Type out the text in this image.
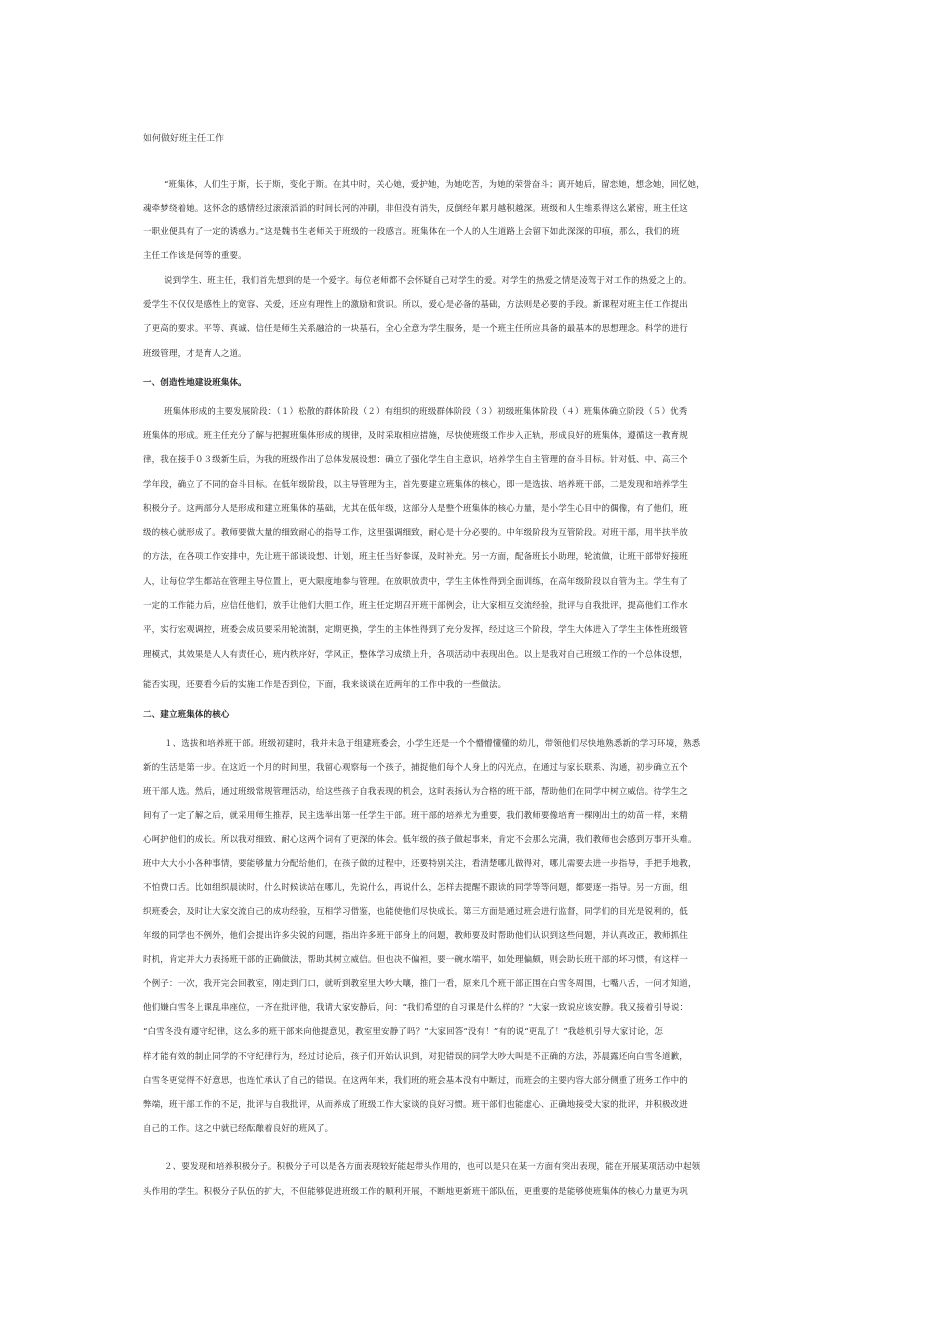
如何做好班主任工作
“班集体，人们生于斯，长于斯，变化于斯。在其中时，关心她，爱护她，为她吃苦，为她的荣誉奋斗；离开她后，留恋她，想念她，回忆她，
魂牵梦绕着她。这怀念的感情经过滚滚滔滔的时间长河的冲刷，非但没有消失，反倒经年累月越积越深。班级和人生维系得这么紧密，班主任这
一职业便具有了一定的诱惑力。”这是魏书生老师关于班级的一段感言。班集体在一个人的人生道路上会留下如此深深的印痕，那么，我们的班
主任工作该是何等的重要。
说到学生、班主任，我们首先想到的是一个爱字。每位老师都不会怀疑自己对学生的爱。对学生的热爱之情是凌驾于对工作的热爱之上的。
爱学生不仅仅是感性上的宽容、关爱，还应有理性上的激励和赏识。所以，爱心是必备的基础，方法则是必要的手段。新课程对班主任工作提出
了更高的要求。平等、真诚、信任是师生关系融洽的一块基石，全心全意为学生服务，是一个班主任所应具备的最基本的思想理念。科学的进行
班级管理，才是育人之道。
一、创造性地建设班集体。
班集体形成的主要发展阶段：（１）松散的群体阶段（２）有组织的班级群体阶段（３）初级班集体阶段（４）班集体确立阶段（５）优秀
班集体的形成。班主任充分了解与把握班集体形成的规律，及时采取相应措施，尽快使班级工作步入正轨，形成良好的班集体，遵循这一教育规
律，我在接手０３级新生后，为我的班级作出了总体发展设想：确立了强化学生自主意识，培养学生自主管理的奋斗目标。针对低、中、高三个
学年段，确立了不同的奋斗目标。在低年级阶段，以主导管理为主，首先要建立班集体的核心，即一是选拔、培养班干部，二是发现和培养学生
积极分子。这两部分人是形成和建立班集体的基础，尤其在低年级，这部分人是整个班集体的核心力量，是小学生心目中的偶像，有了他们，班
级的核心就形成了。教师要做大量的细致耐心的指导工作，这里强调细致，耐心是十分必要的。中年级阶段为互管阶段。对班干部，用半扶半放
的方法，在各项工作安排中，先让班干部谈设想、计划，班主任当好参谋，及时补充。另一方面，配备班长小助理，轮流做，让班干部带好接班
人，让每位学生都站在管理主导位置上，更大限度地参与管理。在放职放责中，学生主体性得到全面训练，在高年级阶段以自管为主。学生有了
一定的工作能力后，应信任他们，放手让他们大胆工作，班主任定期召开班干部例会，让大家相互交流经验，批评与自我批评，提高他们工作水
平，实行宏观调控，班委会成员要采用轮流制，定期更换，学生的主体性得到了充分发挥，经过这三个阶段，学生大体进入了学生主体性班级管
理模式，其效果是人人有责任心，班内秩序好，学风正，整体学习成绩上升，各项活动中表现出色。以上是我对自己班级工作的一个总体设想，
能否实现，还要看今后的实施工作是否到位，下面，我来谈谈在近两年的工作中我的一些做法。
二、建立班集体的核心
１、选拔和培养班干部。班级初建时，我并未急于组建班委会，小学生还是一个个懵懵懂懂的幼儿，带领他们尽快地熟悉新的学习环境，熟悉
新的生活是第一步。在这近一个月的时间里，我留心观察每一个孩子，捕捉他们每个人身上的闪光点，在通过与家长联系、沟通，初步确立五个
班干部人选。然后，通过班级常规管理活动，给这些孩子自我表现的机会，这时表扬认为合格的班干部，帮助他们在同学中树立威信。待学生之
间有了一定了解之后，就采用师生推荐，民主选举出第一任学生干部。班干部的培养尤为重要，我们教师要像培育一棵刚出土的幼苗一样，来精
心呵护他们的成长。所以我对细致、耐心这两个词有了更深的体会。低年级的孩子做起事来，肯定不会那么完满，我们教师也会感到万事开头难。
班中大大小小各种事情，要能够量力分配给他们，在孩子做的过程中，还要特别关注，看清楚哪儿做得对，哪儿需要去进一步指导，手把手地教，
不怕费口舌。比如组织晨读时，什么时候读站在哪儿，先说什么，再说什么，怎样去提醒不跟读的同学等等问题，都要逐一指导。另一方面，组
织班委会，及时让大家交流自己的成功经验，互相学习借鉴，也能使他们尽快成长。第三方面是通过班会进行监督，同学们的目光是锐利的，低
年级的同学也不例外，他们会提出许多尖锐的问题，指出许多班干部身上的问题，教师要及时帮助他们认识到这些问题，并认真改正，教师抓住
时机，肯定并大力表扬班干部的正确做法，帮助其树立威信。但也决不偏袒，要一碗水端平，如处理偏颇，则会助长班干部的坏习惯，有这样一
个例子：一次，我开完会回教室，刚走到门口，就听到教室里大吵大嚷，推门一看，原来几个班干部正围在白雪冬周围，七嘴八舌，一问才知道，
他们嫌白雪冬上课乱串座位，一齐在批评他，我请大家安静后，问：“我们希望的自习课是什么样的？”大家一致说应该安静。我又接着引导说：
“白雪冬没有遵守纪律，这么多的班干部来向他提意见，教室里安静了吗？”大家回答“没有！”有的说“更乱了！”我趁机引导大家讨论，怎
样才能有效的制止同学的不守纪律行为，经过讨论后，孩子们开始认识到，对犯错误的同学大吵大叫是不正确的方法，苏晨露还向白雪冬道歉，
白雪冬更觉得不好意思，也连忙承认了自己的错误。在这两年来，我们班的班会基本没有中断过，而班会的主要内容大部分侧重了班务工作中的
弊端，班干部工作的不足，批评与自我批评，从而养成了班级工作大家谈的良好习惯。班干部们也能虚心、正确地接受大家的批评，并积极改进
自己的工作。这之中就已经酝酿着良好的班风了。
２、要发现和培养积极分子。积极分子可以是各方面表现较好能起带头作用的，也可以是只在某一方面有突出表现，能在开展某项活动中起领
头作用的学生。积极分子队伍的扩大，不但能够促进班级工作的顺利开展，不断地更新班干部队伍，更重要的是能够使班集体的核心力量更为巩
